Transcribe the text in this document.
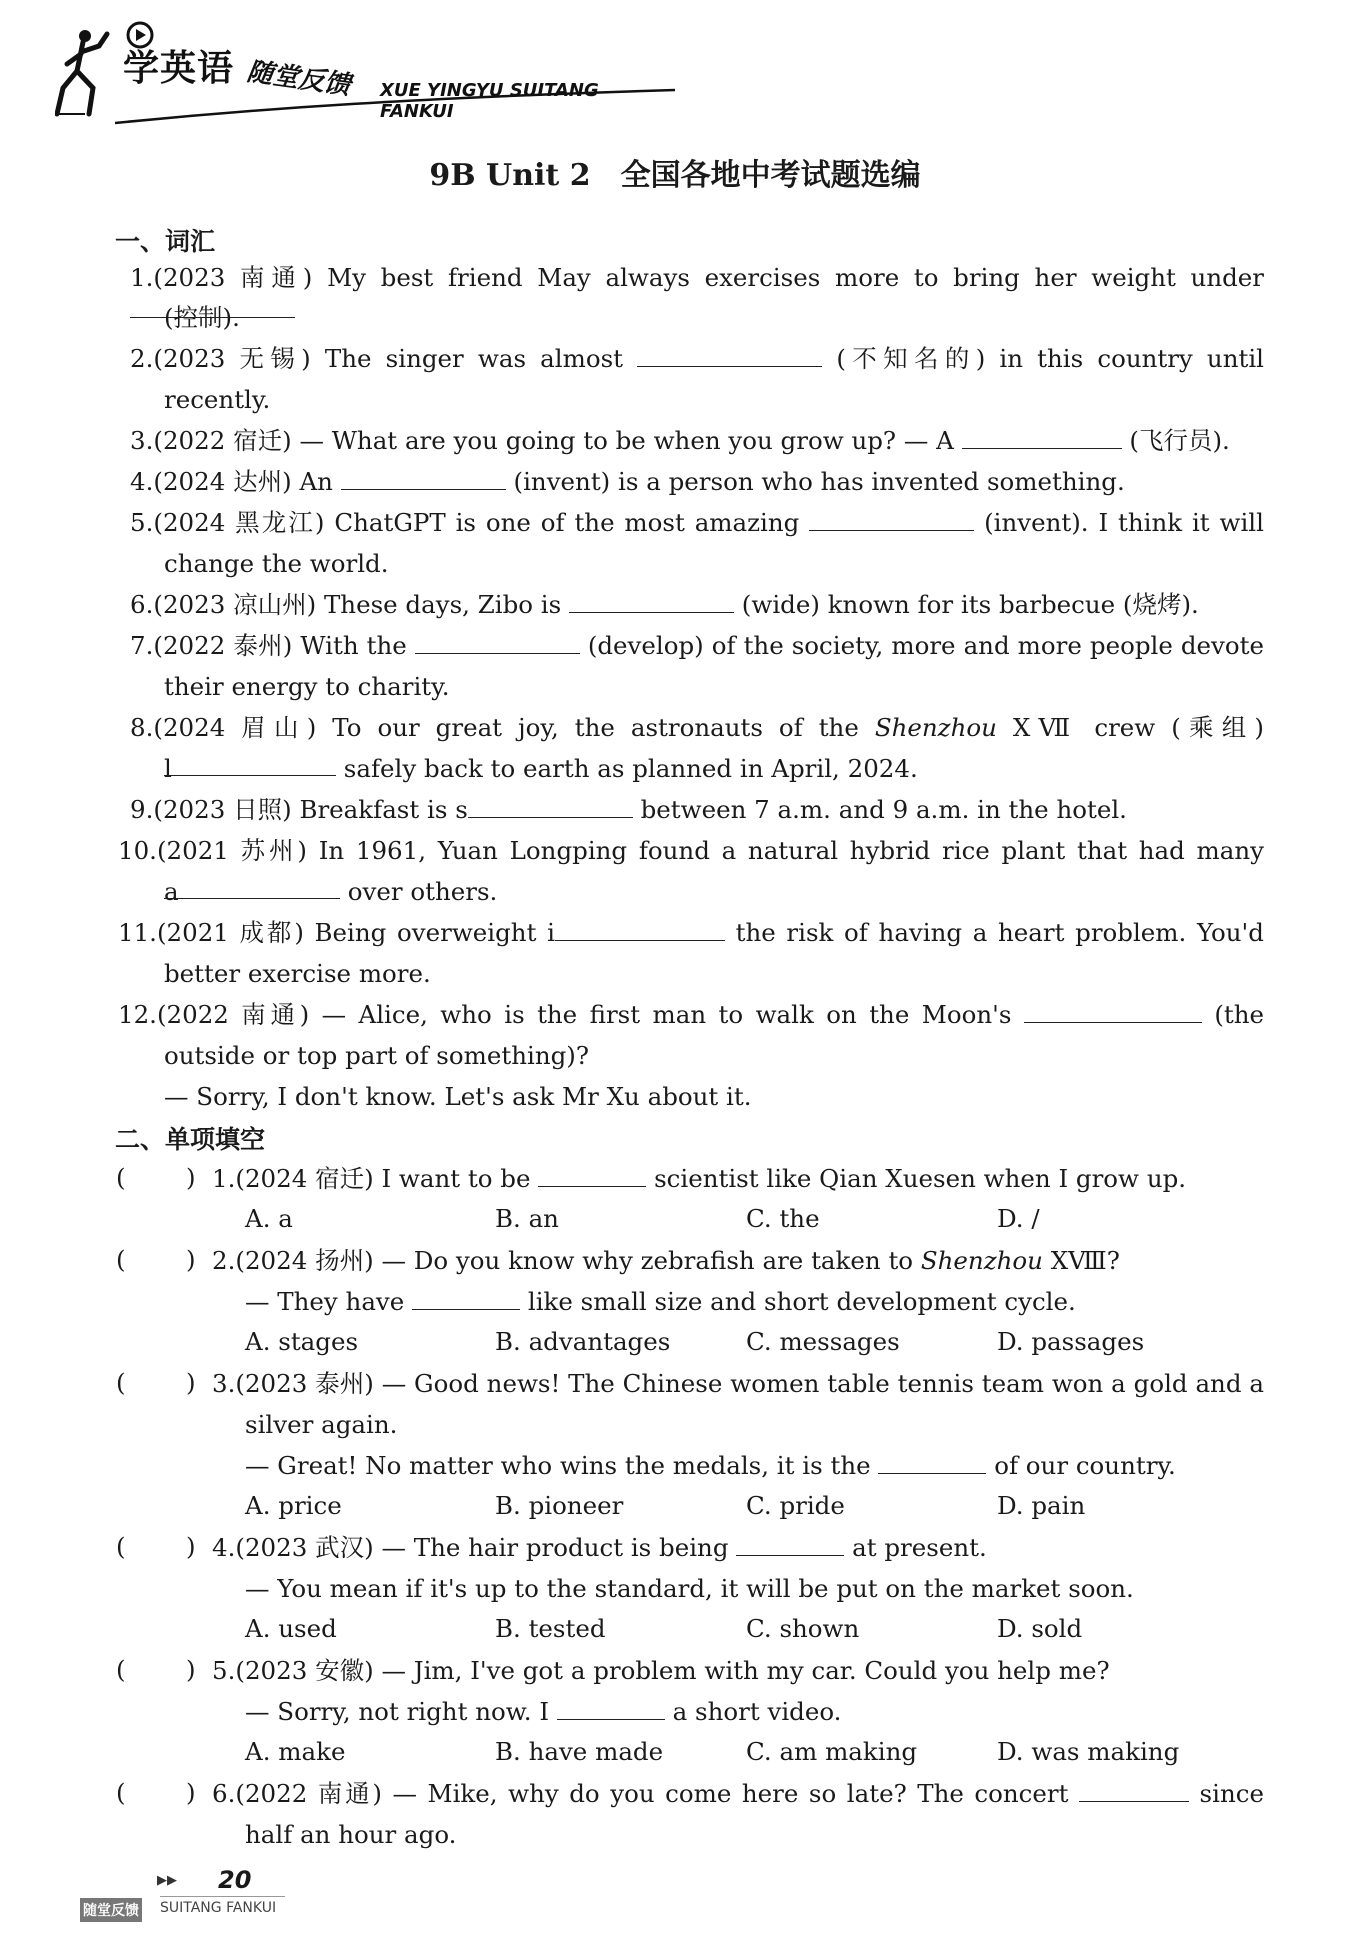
学英语 随堂反馈 XUE YINGYU SUITANG FANKUI
9B Unit 2　全国各地中考试题选编
一、词汇
1.(2023 南通) My best friend May always exercises more to bring her weight under
(控制).
2.(2023 无锡) The singer was almost	(不知名的) in this country until
recently.
3.(2022 宿迁) — What are you going to be when you grow up? — A	(飞行员).
4.(2024 达州) An	(invent) is a person who has invented something.
5.(2024 黑龙江) ChatGPT is one of the most amazing	(invent). I think it will
change the world.
6.(2023 凉山州) These days, Zibo is	(wide) known for its barbecue (烧烤).
7.(2022 泰州) With the	(develop) of the society, more and more people devote
their energy to charity.
8.(2024 眉山) To our great joy, the astronauts of the Shenzhou ⅩⅦ crew (乘组)
l	safely back to earth as planned in April, 2024.
9.(2023 日照) Breakfast is s	between 7 a.m. and 9 a.m. in the hotel.
10.(2021 苏州) In 1961, Yuan Longping found a natural hybrid rice plant that had many
a	over others.
11.(2021 成都) Being overweight i	the risk of having a heart problem. You'd
better exercise more.
12.(2022 南通) — Alice, who is the first man to walk on the Moon's	(the
outside or top part of something)?
— Sorry, I don't know. Let's ask Mr Xu about it.
二、单项填空
( ) 1.(2024 宿迁) I want to be	scientist like Qian Xuesen when I grow up.
A. a	B. an	C. the	D. /
( ) 2.(2024 扬州) — Do you know why zebrafish are taken to Shenzhou ⅩⅧ?
— They have	like small size and short development cycle.
A. stages	B. advantages	C. messages	D. passages
( ) 3.(2023 泰州) — Good news! The Chinese women table tennis team won a gold and a
silver again.
— Great! No matter who wins the medals, it is the	of our country.
A. price	B. pioneer	C. pride	D. pain
( ) 4.(2023 武汉) — The hair product is being	at present.
— You mean if it's up to the standard, it will be put on the market soon.
A. used	B. tested	C. shown	D. sold
( ) 5.(2023 安徽) — Jim, I've got a problem with my car. Could you help me?
— Sorry, not right now. I	a short video.
A. make	B. have made	C. am making	D. was making
( ) 6.(2022 南通) — Mike, why do you come here so late? The concert	since
half an hour ago.
▶▶ 20
随堂反馈 SUITANG FANKUI
